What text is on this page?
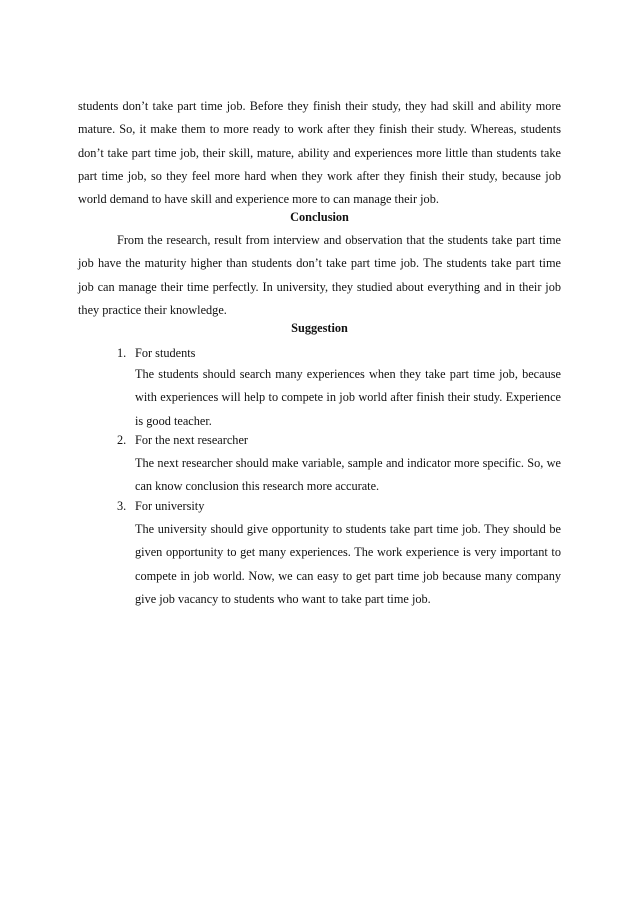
students don’t take part time job. Before they finish their study, they had skill and ability more mature. So, it make them to more ready to work after they finish their study. Whereas, students don’t take part time job, their skill, mature, ability and experiences more little than students take part time job, so they feel more hard when they work after they finish their study, because job world demand to have skill and experience more to can manage their job.

Conclusion

From the research, result from interview and observation that the students take part time job have the maturity higher than students don’t take part time job. The students take part time job can manage their time perfectly. In university, they studied about everything and in their job they practice their knowledge.

Suggestion
1. For students

The students should search many experiences when they take part time job, because with experiences will help to compete in job world after finish their study. Experience is good teacher.

2. For the next researcher

The next researcher should make variable, sample and indicator more specific. So, we can know conclusion this research more accurate.

3. For university

The university should give opportunity to students take part time job. They should be given opportunity to get many experiences. The work experience is very important to compete in job world. Now, we can easy to get part time job because many company give job vacancy to students who want to take part time job.
